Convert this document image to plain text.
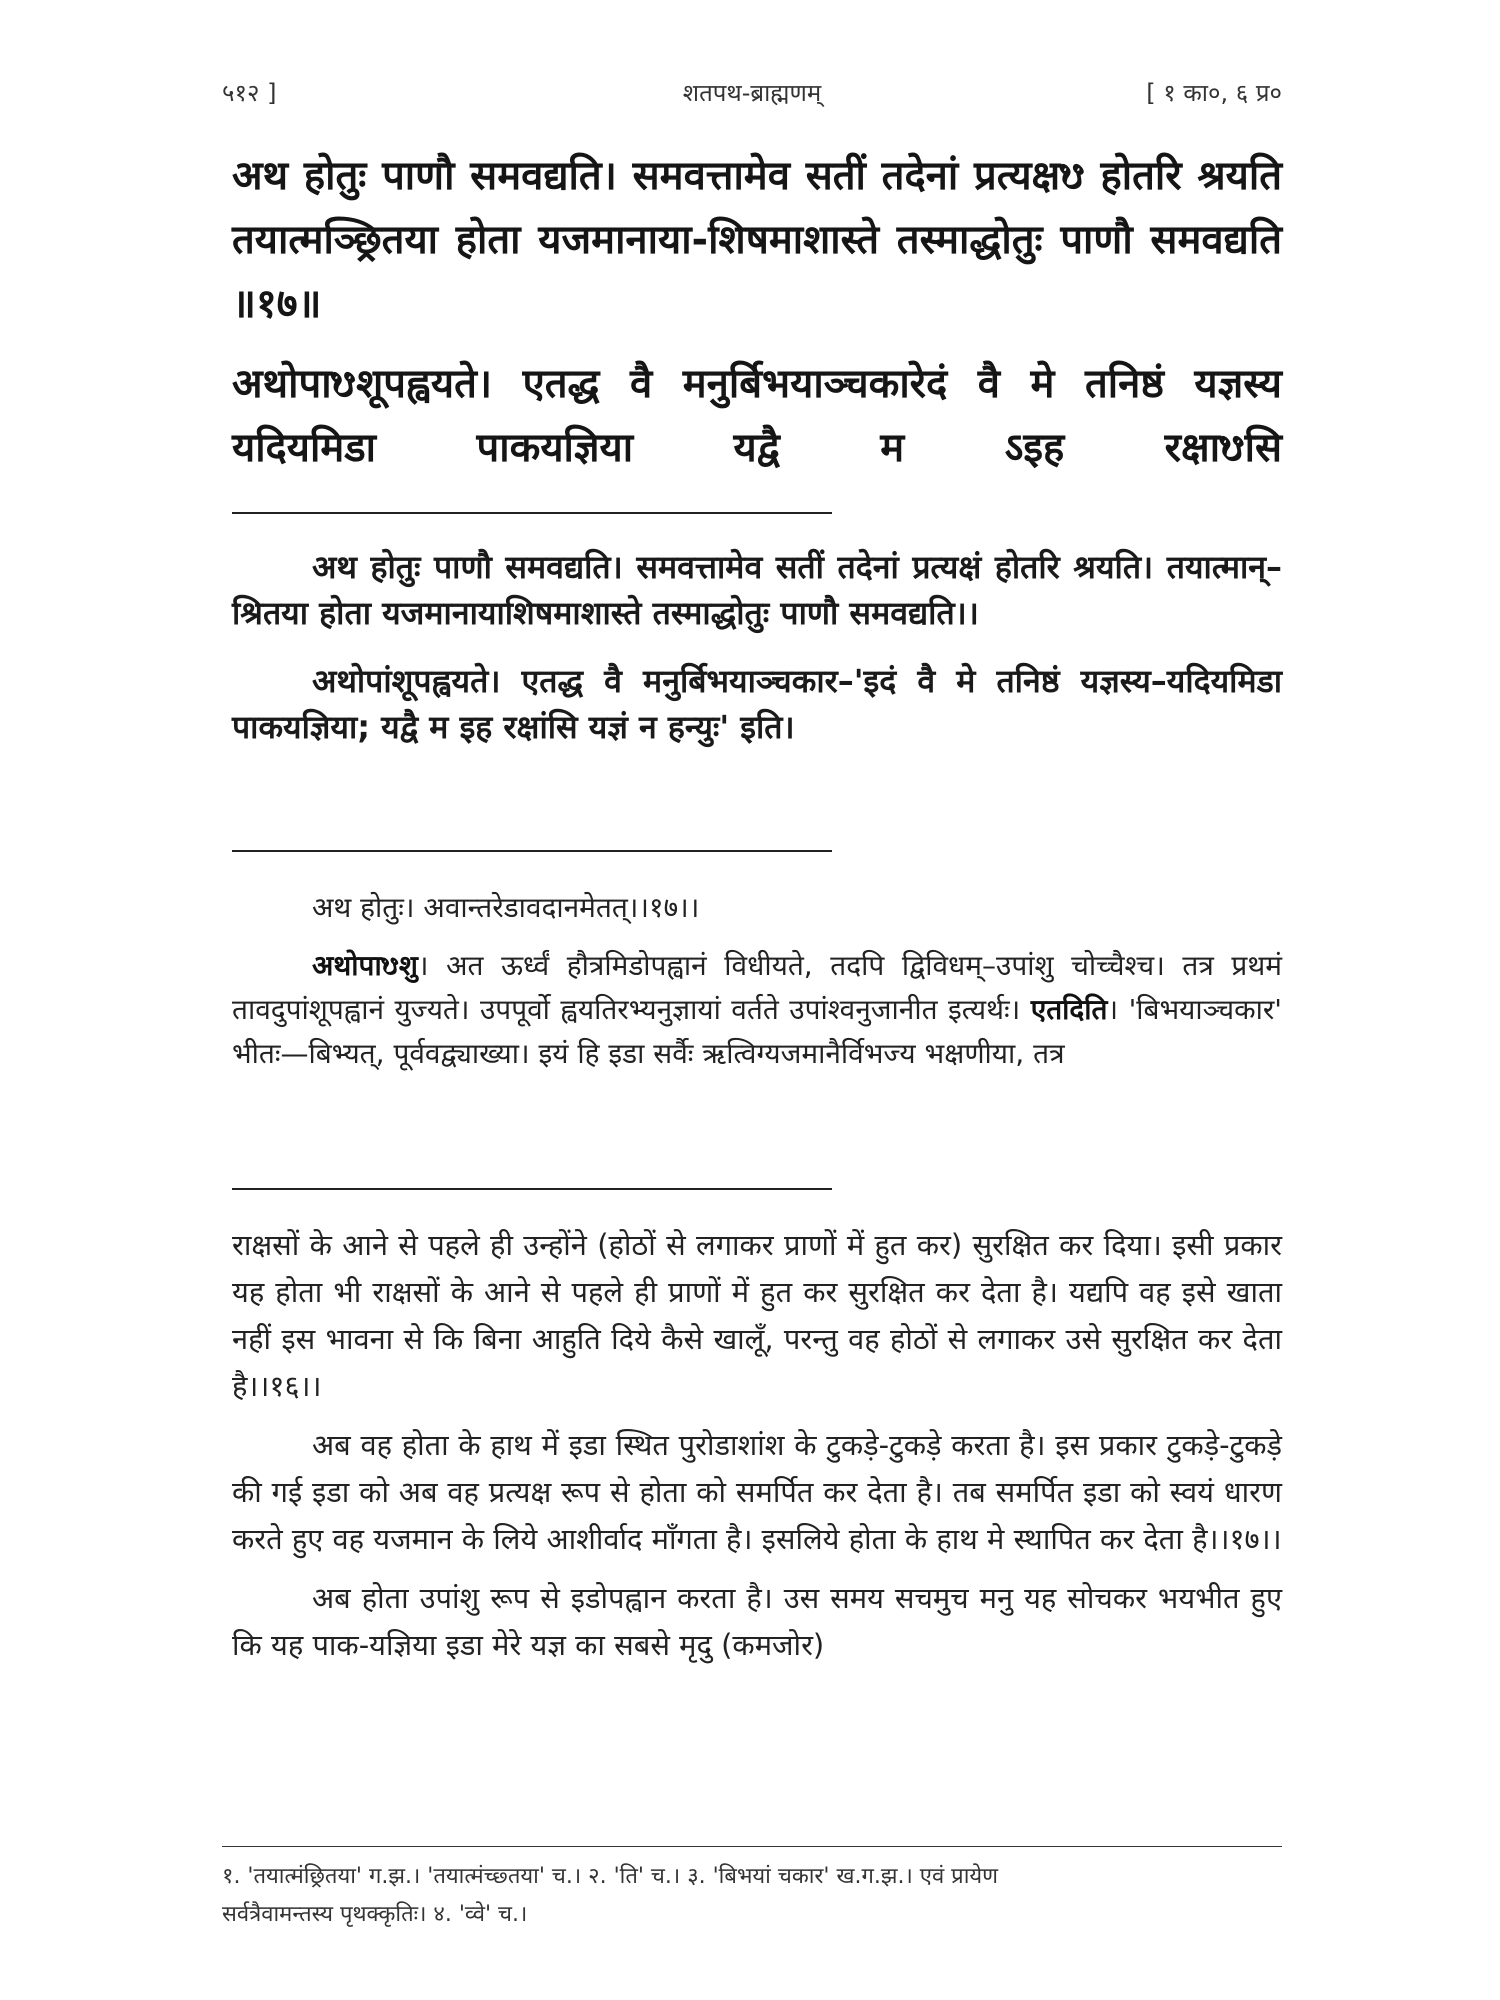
शतपथ-ब्राह्मणम्
५१२ ]	[ १ का०, ६ प्र०

अथ होतुः पाणौ समवद्यति। समवत्तामेव सतीं तदेनां प्रत्यक्षᳪ होतरि श्रयति तयात्मञ्छ्रितया होता यजमानाया-शिषमाशास्ते तस्माद्धोतुः पाणौ समवद्यति ॥१७॥

अथोपाᳪशूपह्वयते। एतद्ध वै मनुर्बिभयाञ्चकारेदं वै मे तनिष्ठं यज्ञस्य यदियमिडा पाकयज्ञिया यद्वै म ऽइह रक्षाᳪसि

अथ होतुः पाणौ समवद्यति। समवत्तामेव सतीं तदेनां प्रत्यक्षं होतरि श्रयति। तयात्मान्–श्रितया होता यजमानायाशिषमाशास्ते तस्माद्धोतुः पाणौ समवद्यति।।

अथोपांशूपह्वयते। एतद्ध वै मनुर्बिभयाञ्चकार–'इदं वै मे तनिष्ठं यज्ञस्य–यदियमिडा पाकयज्ञिया; यद्वै म इह रक्षांसि यज्ञं न हन्युः' इति।

अथ होतुः। अवान्तरेडावदानमेतत्।।१७।।

अथोपाᳪशु। अत ऊर्ध्वं हौत्रमिडोपह्वानं विधीयते, तदपि द्विविधम्–उपांशु चोच्चैश्च। तत्र प्रथमं तावदुपांशूपह्वानं युज्यते। उपपूर्वो ह्वयतिरभ्यनुज्ञायां वर्तते उपांश्वनुजानीत इत्यर्थः। एतदिति। 'बिभयाञ्चकार' भीतः—बिभ्यत्, पूर्ववद्व्याख्या। इयं हि इडा सर्वैः ऋत्विग्यजमानैर्विभज्य भक्षणीया, तत्र

राक्षसों के आने से पहले ही उन्होंने (होठों से लगाकर प्राणों में हुत कर) सुरक्षित कर दिया। इसी प्रकार यह होता भी राक्षसों के आने से पहले ही प्राणों में हुत कर सुरक्षित कर देता है। यद्यपि वह इसे खाता नहीं इस भावना से कि बिना आहुति दिये कैसे खालूँ, परन्तु वह होठों से लगाकर उसे सुरक्षित कर देता है।।१६।।

अब वह होता के हाथ में इडा स्थित पुरोडाशांश के टुकड़े-टुकड़े करता है। इस प्रकार टुकड़े-टुकड़े की गई इडा को अब वह प्रत्यक्ष रूप से होता को समर्पित कर देता है। तब समर्पित इडा को स्वयं धारण करते हुए वह यजमान के लिये आशीर्वाद माँगता है। इसलिये होता के हाथ मे स्थापित कर देता है।।१७।।

अब होता उपांशु रूप से इडोपह्वान करता है। उस समय सचमुच मनु यह सोचकर भयभीत हुए कि यह पाक-यज्ञिया इडा मेरे यज्ञ का सबसे मृदु (कमजोर)

१. 'तयात्मंछ्रितया' ग.झ.। 'तयात्मंच्छ्तया' च.। २. 'ति' च.। ३. 'बिभयां चकार' ख.ग.झ.। एवं प्रायेण

सर्वत्रैवामन्तस्य पृथक्कृतिः। ४. 'व्वे' च.।
